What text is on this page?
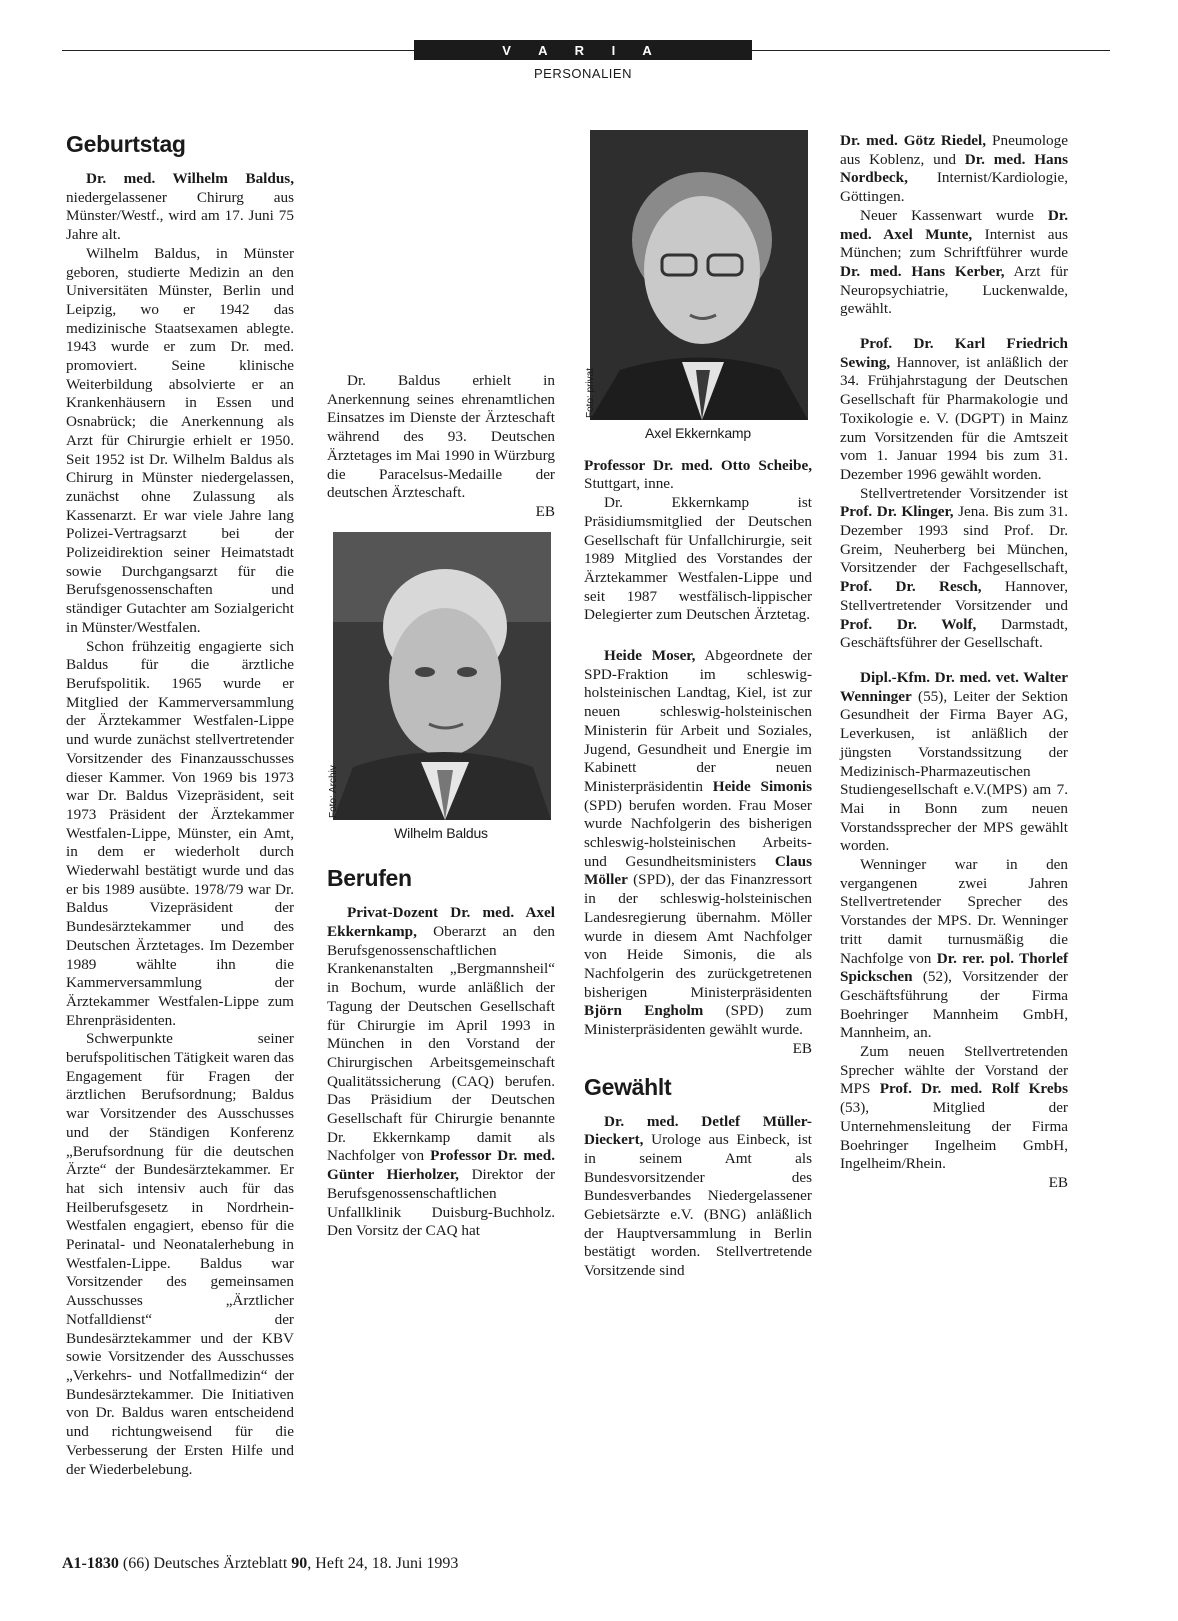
V A R I A
PERSONALIEN
Geburtstag

Dr. med. Wilhelm Baldus, niedergelassener Chirurg aus Münster/Westf., wird am 17. Juni 75 Jahre alt.

Wilhelm Baldus, in Münster geboren, studierte Medizin an den Universitäten Münster, Berlin und Leipzig, wo er 1942 das medizinische Staatsexamen ablegte. 1943 wurde er zum Dr. med. promoviert. Seine klinische Weiterbildung absolvierte er an Krankenhäusern in Essen und Osnabrück; die Anerkennung als Arzt für Chirurgie erhielt er 1950. Seit 1952 ist Dr. Wilhelm Baldus als Chirurg in Münster niedergelassen, zunächst ohne Zulassung als Kassenarzt. Er war viele Jahre lang Polizei-Vertragsarzt bei der Polizeidirektion seiner Heimatstadt sowie Durchgangsarzt für die Berufsgenossenschaften und ständiger Gutachter am Sozialgericht in Münster/Westfalen.

Schon frühzeitig engagierte sich Baldus für die ärztliche Berufspolitik. 1965 wurde er Mitglied der Kammerversammlung der Ärztekammer Westfalen-Lippe und wurde zunächst stellvertretender Vorsitzender des Finanzausschusses dieser Kammer. Von 1969 bis 1973 war Dr. Baldus Vizepräsident, seit 1973 Präsident der Ärztekammer Westfalen-Lippe, Münster, ein Amt, in dem er wiederholt durch Wiederwahl bestätigt wurde und das er bis 1989 ausübte. 1978/79 war Dr. Baldus Vizepräsident der Bundesärztekammer und des Deutschen Ärztetages. Im Dezember 1989 wählte ihn die Kammerversammlung der Ärztekammer Westfalen-Lippe zum Ehrenpräsidenten.

Schwerpunkte seiner berufspolitischen Tätigkeit waren das Engagement für Fragen der ärztlichen Berufsordnung; Baldus war Vorsitzender des Ausschusses und der Ständigen Konferenz „Berufsordnung für die deutschen Ärzte“ der Bundesärztekammer. Er hat sich intensiv auch für das Heilberufsgesetz in Nordrhein-Westfalen engagiert, ebenso für die Perinatal- und Neonatalerhebung in Westfalen-Lippe. Baldus war Vorsitzender des gemeinsamen Ausschusses „Ärztlicher Notfalldienst“ der Bundesärztekammer und der KBV sowie Vorsitzender des Ausschusses „Verkehrs- und Notfallmedizin“ der Bundesärztekammer. Die Initiativen von Dr. Baldus waren entscheidend und richtungweisend für die Verbesserung der Ersten Hilfe und der Wiederbelebung.

Dr. Baldus erhielt in Anerkennung seines ehrenamtlichen Einsatzes im Dienste der Ärzteschaft während des 93. Deutschen Ärztetages im Mai 1990 in Würzburg die Paracelsus-Medaille der deutschen Ärzteschaft.

EB
Foto: Archiv
Wilhelm Baldus
Berufen

Privat-Dozent Dr. med. Axel Ekkernkamp, Oberarzt an den Berufsgenossenschaftlichen Krankenanstalten „Bergmannsheil“ in Bochum, wurde anläßlich der Tagung der Deutschen Gesellschaft für Chirurgie im April 1993 in München in den Vorstand der Chirurgischen Arbeitsgemeinschaft Qualitätssicherung (CAQ) berufen. Das Präsidium der Deutschen Gesellschaft für Chirurgie benannte Dr. Ekkernkamp damit als Nachfolger von Professor Dr. med. Günter Hierholzer, Direktor der Berufsgenossenschaftlichen Unfallklinik Duisburg-Buchholz. Den Vorsitz der CAQ hat

Foto: privat
Axel Ekkernkamp

Professor Dr. med. Otto Scheibe, Stuttgart, inne.

Dr. Ekkernkamp ist Präsidiumsmitglied der Deutschen Gesellschaft für Unfallchirurgie, seit 1989 Mitglied des Vorstandes der Ärztekammer Westfalen-Lippe und seit 1987 westfälisch-lippischer Delegierter zum Deutschen Ärztetag.

Heide Moser, Abgeordnete der SPD-Fraktion im schleswig-holsteinischen Landtag, Kiel, ist zur neuen schleswig-holsteinischen Ministerin für Arbeit und Soziales, Jugend, Gesundheit und Energie im Kabinett der neuen Ministerpräsidentin Heide Simonis (SPD) berufen worden. Frau Moser wurde Nachfolgerin des bisherigen schleswig-holsteinischen Arbeits- und Gesundheitsministers Claus Möller (SPD), der das Finanzressort in der schleswig-holsteinischen Landesregierung übernahm. Möller wurde in diesem Amt Nachfolger von Heide Simonis, die als Nachfolgerin des zurückgetretenen bisherigen Ministerpräsidenten Björn Engholm (SPD) zum Ministerpräsidenten gewählt wurde.

EB
Gewählt

Dr. med. Detlef Müller-Dieckert, Urologe aus Einbeck, ist in seinem Amt als Bundesvorsitzender des Bundesverbandes Niedergelassener Gebietsärzte e.V. (BNG) anläßlich der Hauptversammlung in Berlin bestätigt worden. Stellvertretende Vorsitzende sind

Dr. med. Götz Riedel, Pneumologe aus Koblenz, und Dr. med. Hans Nordbeck, Internist/Kardiologie, Göttingen.

Neuer Kassenwart wurde Dr. med. Axel Munte, Internist aus München; zum Schriftführer wurde Dr. med. Hans Kerber, Arzt für Neuropsychiatrie, Luckenwalde, gewählt.

Prof. Dr. Karl Friedrich Sewing, Hannover, ist anläßlich der 34. Frühjahrstagung der Deutschen Gesellschaft für Pharmakologie und Toxikologie e. V. (DGPT) in Mainz zum Vorsitzenden für die Amtszeit vom 1. Januar 1994 bis zum 31. Dezember 1996 gewählt worden.

Stellvertretender Vorsitzender ist Prof. Dr. Klinger, Jena. Bis zum 31. Dezember 1993 sind Prof. Dr. Greim, Neuherberg bei München, Vorsitzender der Fachgesellschaft, Prof. Dr. Resch, Hannover, Stellvertretender Vorsitzender und Prof. Dr. Wolf, Darmstadt, Geschäftsführer der Gesellschaft.

Dipl.-Kfm. Dr. med. vet. Walter Wenninger (55), Leiter der Sektion Gesundheit der Firma Bayer AG, Leverkusen, ist anläßlich der jüngsten Vorstandssitzung der Medizinisch-Pharmazeutischen Studiengesellschaft e.V.(MPS) am 7. Mai in Bonn zum neuen Vorstandssprecher der MPS gewählt worden.

Wenninger war in den vergangenen zwei Jahren Stellvertretender Sprecher des Vorstandes der MPS. Dr. Wenninger tritt damit turnusmäßig die Nachfolge von Dr. rer. pol. Thorlef Spickschen (52), Vorsitzender der Geschäftsführung der Firma Boehringer Mannheim GmbH, Mannheim, an.

Zum neuen Stellvertretenden Sprecher wählte der Vorstand der MPS Prof. Dr. med. Rolf Krebs (53), Mitglied der Unternehmensleitung der Firma Boehringer Ingelheim GmbH, Ingelheim/Rhein.

EB
A1-1830 (66) Deutsches Ärzteblatt 90, Heft 24, 18. Juni 1993
